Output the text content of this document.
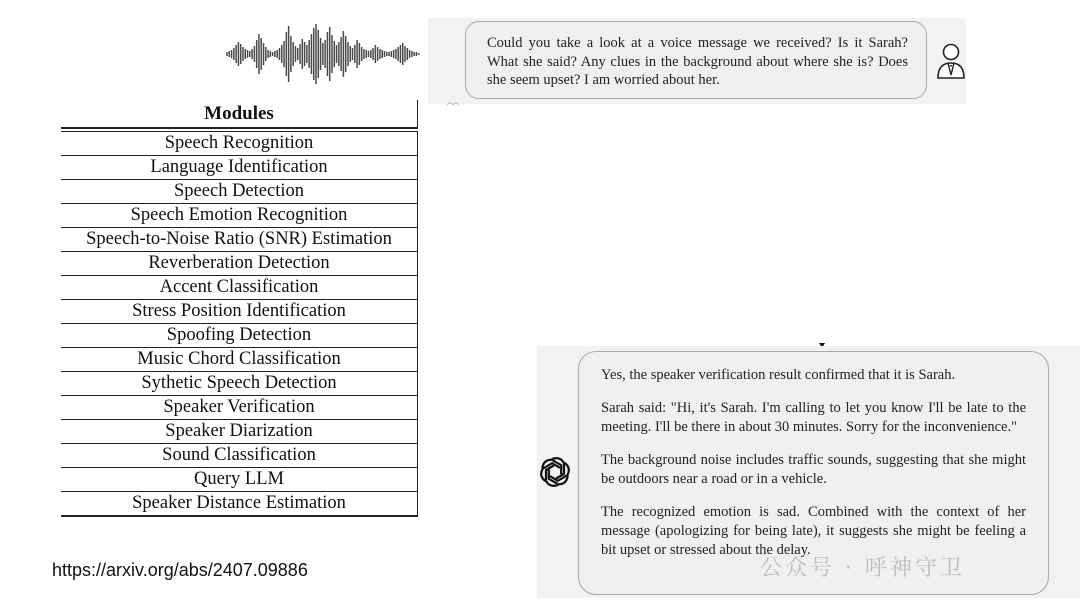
Modules
Speech Recognition
Language Identification
Speech Detection
Speech Emotion Recognition
Speech-to-Noise Ratio (SNR) Estimation
Reverberation Detection
Accent Classification
Stress Position Identification
Spoofing Detection
Music Chord Classification
Sythetic Speech Detection
Speaker Verification
Speaker Diarization
Sound Classification
Query LLM
Speaker Distance Estimation
https://arxiv.org/abs/2407.09886
Could you take a look at a voice message we received? Is it Sarah? What she said? Any clues in the background about where she is? Does she seem upset? I am worried about her.

Yes, the speaker verification result confirmed that it is Sarah.

Sarah said: "Hi, it's Sarah. I'm calling to let you know I'll be late to the meeting. I'll be there in about 30 minutes. Sorry for the inconvenience."

The background noise includes traffic sounds, suggesting that she might be outdoors near a road or in a vehicle.

The recognized emotion is sad. Combined with the context of her message (apologizing for being late), it suggests she might be feeling a bit upset or stressed about the delay.

公众号 · 呼神守卫
